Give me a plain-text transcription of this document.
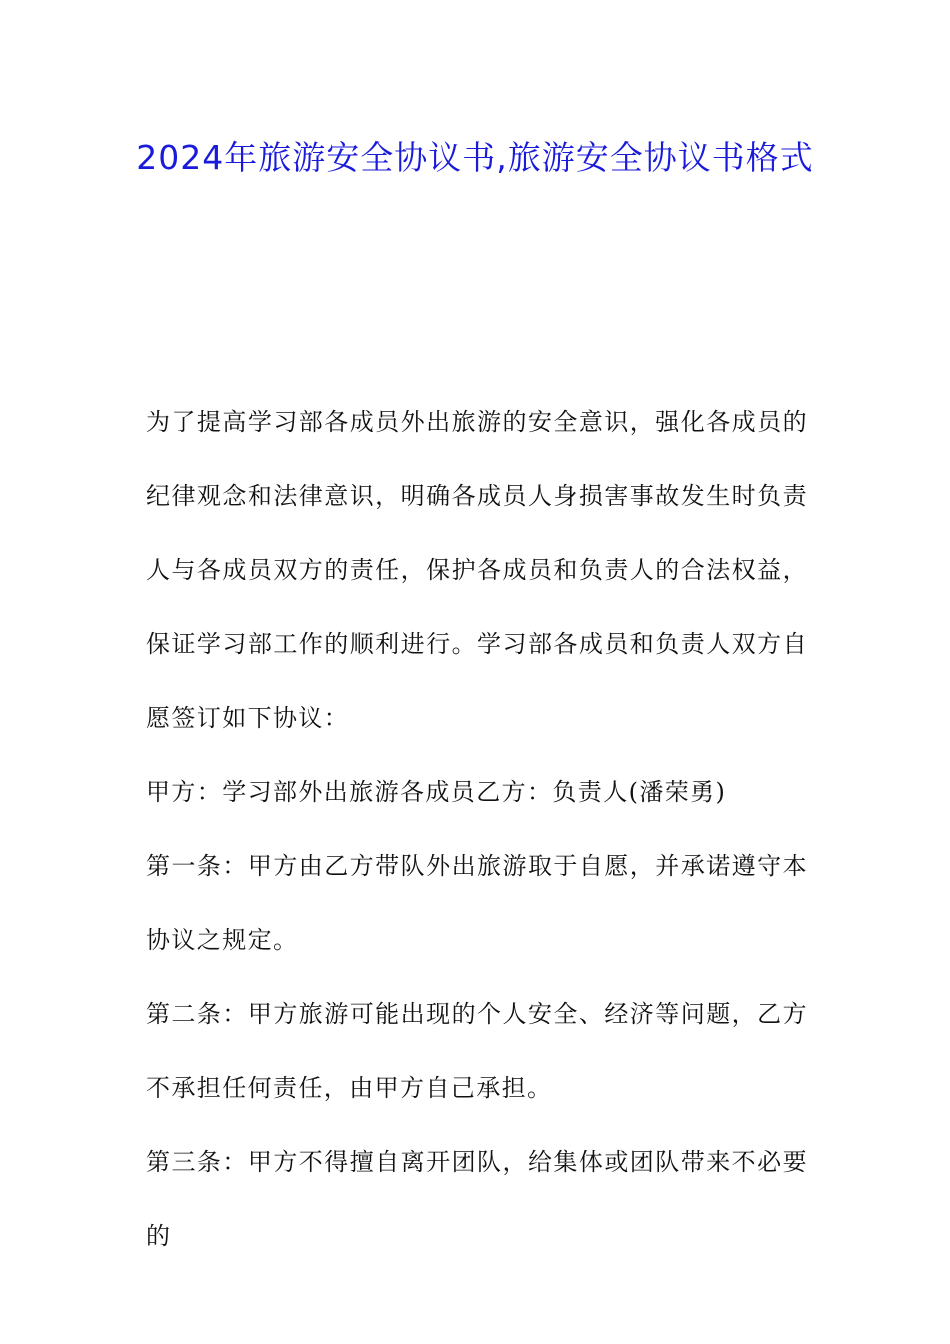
2024年旅游安全协议书,旅游安全协议书格式

为了提高学习部各成员外出旅游的安全意识，强化各成员的纪律观念和法律意识，明确各成员人身损害事故发生时负责人与各成员双方的责任，保护各成员和负责人的合法权益，保证学习部工作的顺利进行。学习部各成员和负责人双方自愿签订如下协议：

甲方：学习部外出旅游各成员乙方：负责人(潘荣勇)

第一条：甲方由乙方带队外出旅游取于自愿，并承诺遵守本协议之规定。

第二条：甲方旅游可能出现的个人安全、经济等问题，乙方不承担任何责任，由甲方自己承担。

第三条：甲方不得擅自离开团队，给集体或团队带来不必要的
